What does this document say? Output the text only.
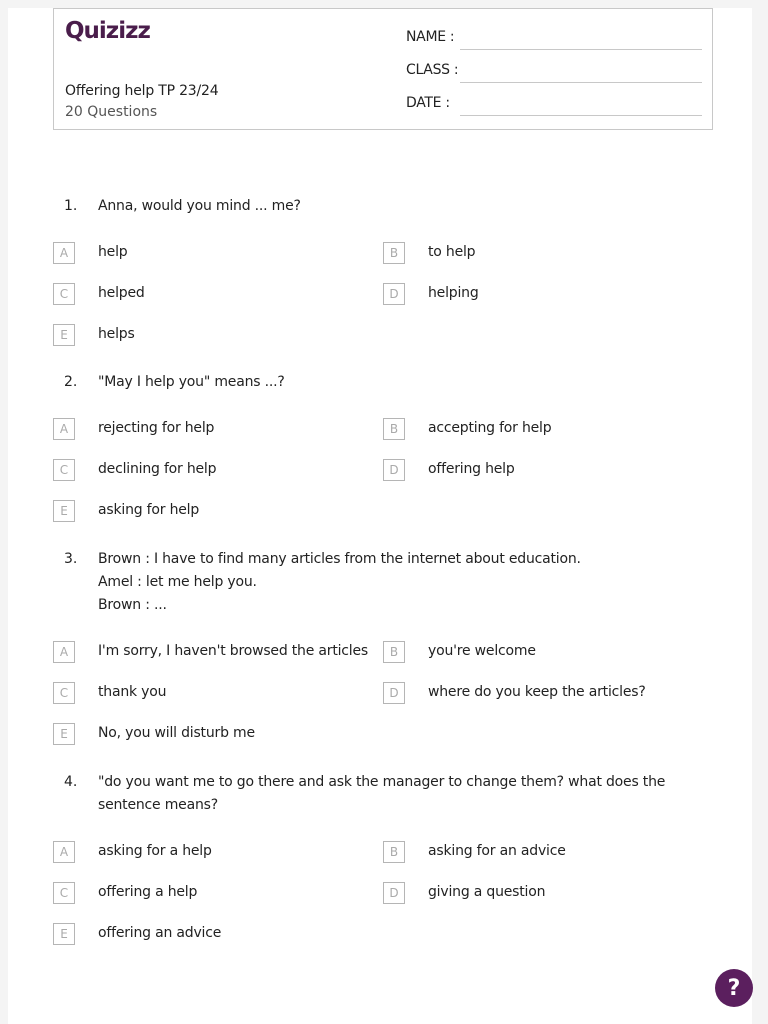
Quizizz
Offering help TP 23/24
20 Questions
NAME :
CLASS :
DATE :
1. Anna, would you mind ... me?
A	help	B	to help
C	helped	D	helping
E	helps
2. "May I help you" means ...?
A	rejecting for help	B	accepting for help
C	declining for help	D	offering help
E	asking for help
3. Brown : I have to find many articles from the internet about education.
Amel : let me help you.
Brown : ...
A	I'm sorry, I haven't browsed the articles	B	you're welcome
C	thank you	D	where do you keep the articles?
E	No, you will disturb me
4. "do you want me to go there and ask the manager to change them? what does the
sentence means?
A	asking for a help	B	asking for an advice
C	offering a help	D	giving a question
E	offering an advice
?
